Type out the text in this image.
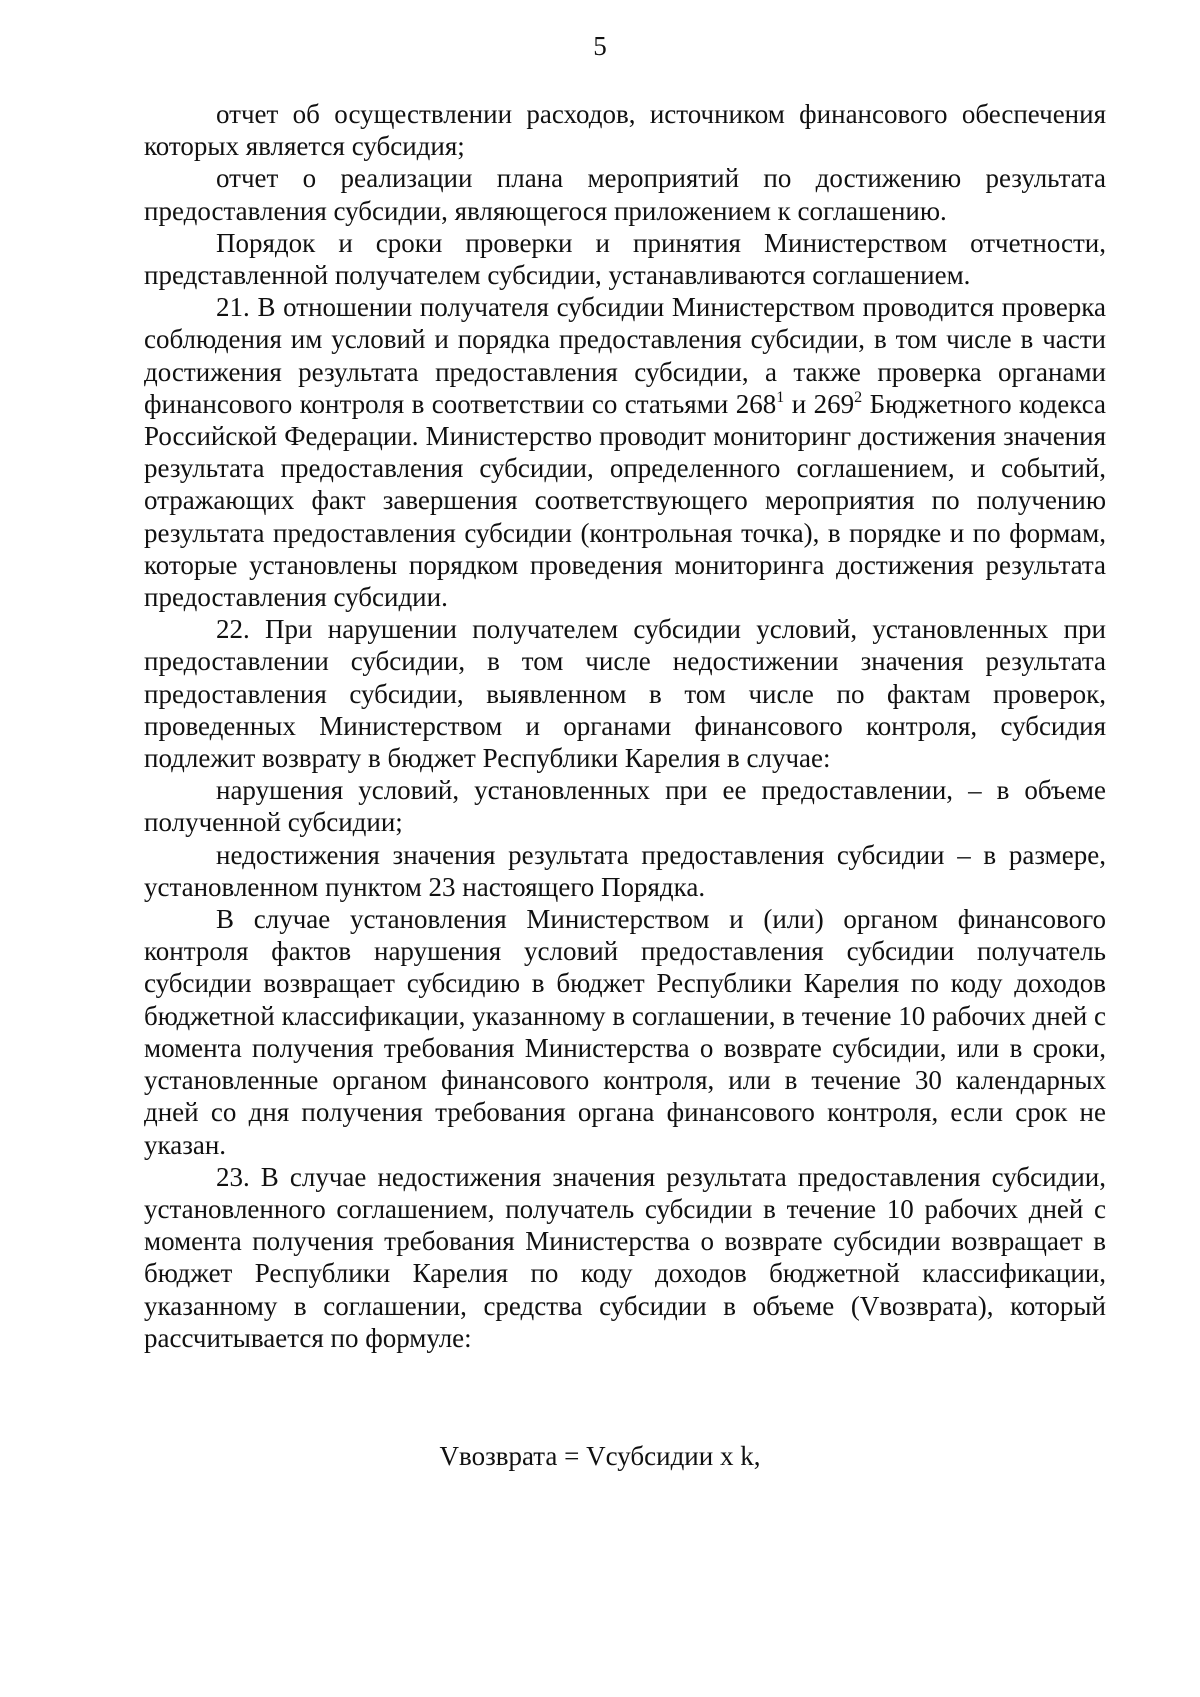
5

отчет об осуществлении расходов, источником финансового обеспечения которых является субсидия;

отчет о реализации плана мероприятий по достижению результата предоставления субсидии, являющегося приложением к соглашению.

Порядок и сроки проверки и принятия Министерством отчетности, представленной получателем субсидии, устанавливаются соглашением.

21. В отношении получателя субсидии Министерством проводится проверка соблюдения им условий и порядка предоставления субсидии, в том числе в части достижения результата предоставления субсидии, а также проверка органами финансового контроля в соответствии со статьями $268^1$ и $269^2$ Бюджетного кодекса Российской Федерации. Министерство проводит мониторинг достижения значения результата предоставления субсидии, определенного соглашением, и событий, отражающих факт завершения соответствующего мероприятия по получению результата предоставления субсидии (контрольная точка), в порядке и по формам, которые установлены порядком проведения мониторинга достижения результата предоставления субсидии.

22. При нарушении получателем субсидии условий, установленных при предоставлении субсидии, в том числе недостижении значения результата предоставления субсидии, выявленном в том числе по фактам проверок, проведенных Министерством и органами финансового контроля, субсидия подлежит возврату в бюджет Республики Карелия в случае:

нарушения условий, установленных при ее предоставлении, – в объеме полученной субсидии;

недостижения значения результата предоставления субсидии – в размере, установленном пунктом 23 настоящего Порядка.

В случае установления Министерством и (или) органом финансового контроля фактов нарушения условий предоставления субсидии получатель субсидии возвращает субсидию в бюджет Республики Карелия по коду доходов бюджетной классификации, указанному в соглашении, в течение 10 рабочих дней с момента получения требования Министерства о возврате субсидии, или в сроки, установленные органом финансового контроля, или в течение 30 календарных дней со дня получения требования органа финансового контроля, если срок не указан.

23. В случае недостижения значения результата предоставления субсидии, установленного соглашением, получатель субсидии в течение 10 рабочих дней с момента получения требования Министерства о возврате субсидии возвращает в бюджет Республики Карелия по коду доходов бюджетной классификации, указанному в соглашении, средства субсидии в объеме (Vвозврата), который рассчитывается по формуле:

Vвозврата = Vсубсидии x k,
